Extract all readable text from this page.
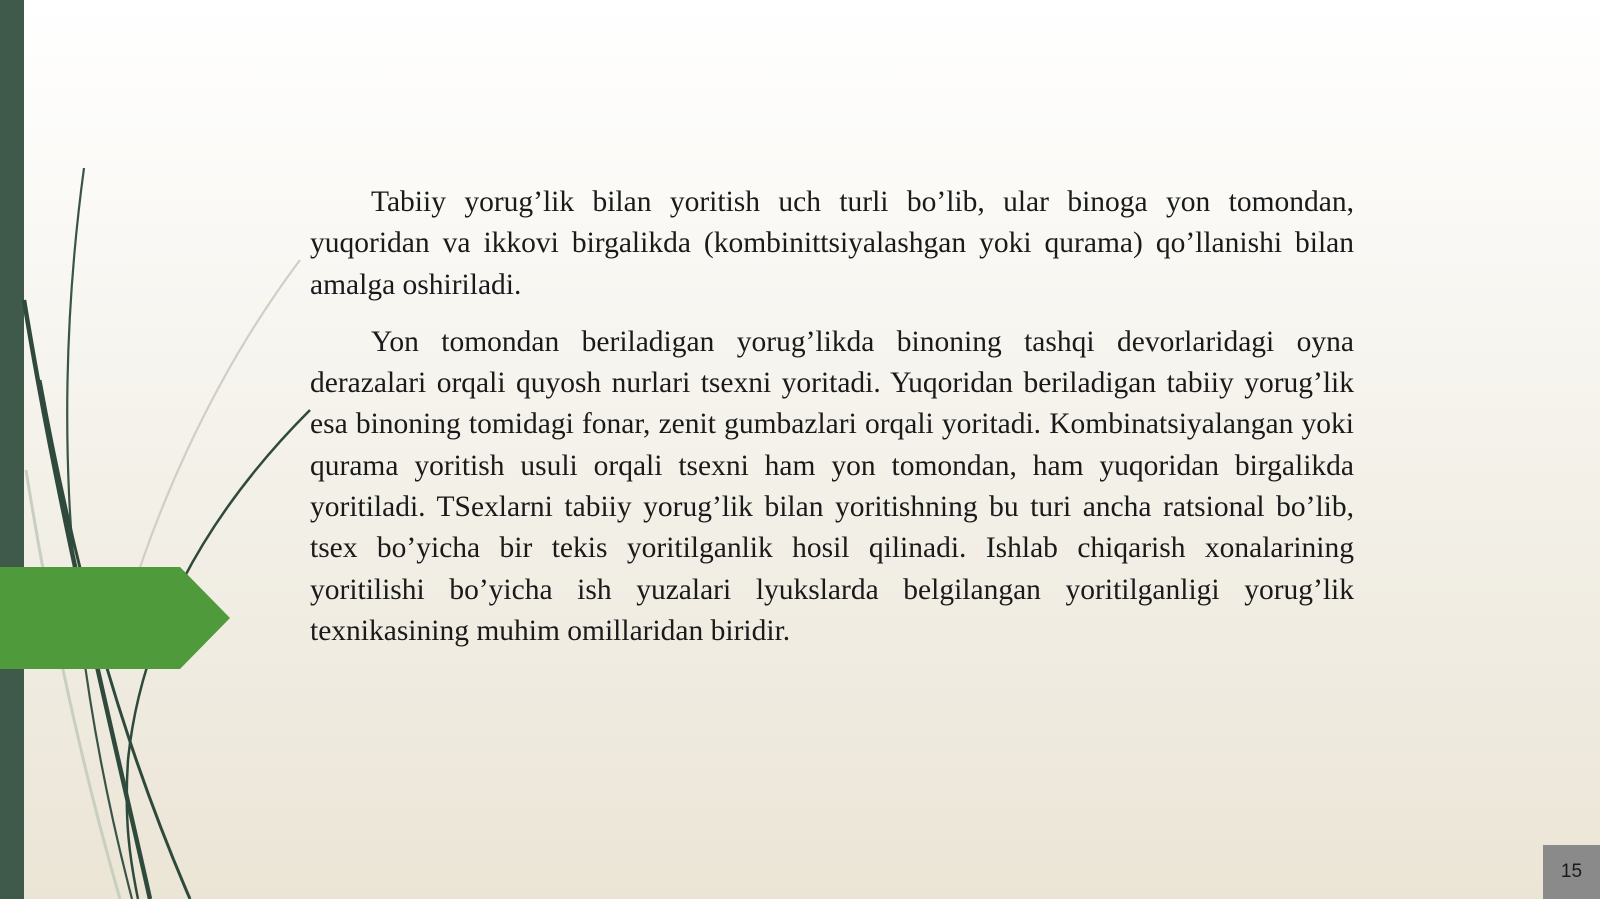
Tabiiy yorug’lik bilan yoritish uch turli bo’lib, ular binoga yon tomondan, yuqoridan va ikkovi birgalikda (kombinittsiyalashgan yoki qurama) qo’llanishi bilan amalga oshiriladi.

Yon tomondan beriladigan yorug’likda binoning tashqi devorlaridagi oyna derazalari orqali quyosh nurlari tsexni yoritadi. Yuqoridan beriladigan tabiiy yorug’lik esa binoning tomidagi fonar, zenit gumbazlari orqali yoritadi. Kombinatsiyalangan yoki qurama yoritish usuli orqali tsexni ham yon tomondan, ham yuqoridan birgalikda yoritiladi. TSexlarni tabiiy yorug’lik bilan yoritishning bu turi ancha ratsional bo’lib, tsex bo’yicha bir tekis yoritilganlik hosil qilinadi. Ishlab chiqarish xonalarining yoritilishi bo’yicha ish yuzalari lyukslarda belgilangan yoritilganligi yorug’lik texnikasining muhim omillaridan biridir.

15
